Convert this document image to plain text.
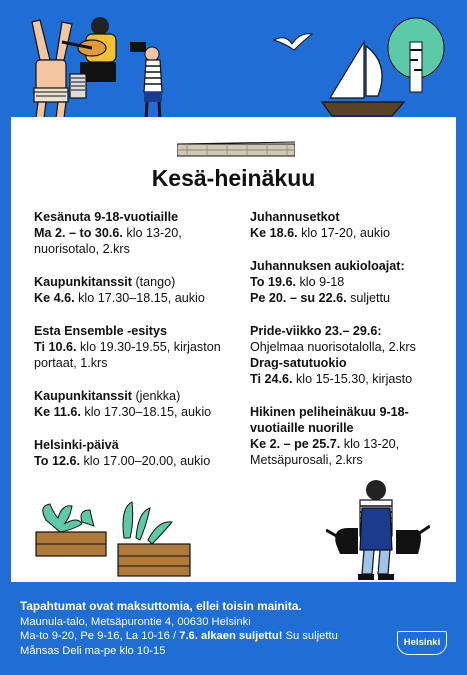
Kesä-heinäkuu
Kesänuta 9-18-vuotiaille
Ma 2. – to 30.6. klo 13-20, nuorisotalo, 2.krs
Kaupunkitanssit (tango)
Ke 4.6. klo 17.30–18.15, aukio
Esta Ensemble -esitys
Ti 10.6. klo 19.30-19.55, kirjaston portaat, 1.krs
Kaupunkitanssit (jenkka)
Ke 11.6. klo 17.30–18.15, aukio
Helsinki-päivä
To 12.6. klo 17.00–20.00, aukio
Juhannusetkot
Ke 18.6. klo 17-20, aukio
Juhannuksen aukioloajat:
To 19.6. klo 9-18
Pe 20. – su 22.6. suljettu
Pride-viikko 23.– 29.6:
Ohjelmaa nuorisotalolla, 2.krs
Drag-satutuokio
Ti 24.6. klo 15-15.30, kirjasto
Hikinen peliheinäkuu 9-18-vuotiaille nuorille
Ke 2. – pe 25.7. klo 13-20, Metsäpurosali, 2.krs
Tapahtumat ovat maksuttomia, ellei toisin mainita.
Maunula-talo, Metsäpurontie 4, 00630 Helsinki
Ma-to 9-20, Pe 9-16, La 10-16 / 7.6. alkaen suljettu! Su suljettu
Månsas Deli ma-pe klo 10-15
Helsinki
